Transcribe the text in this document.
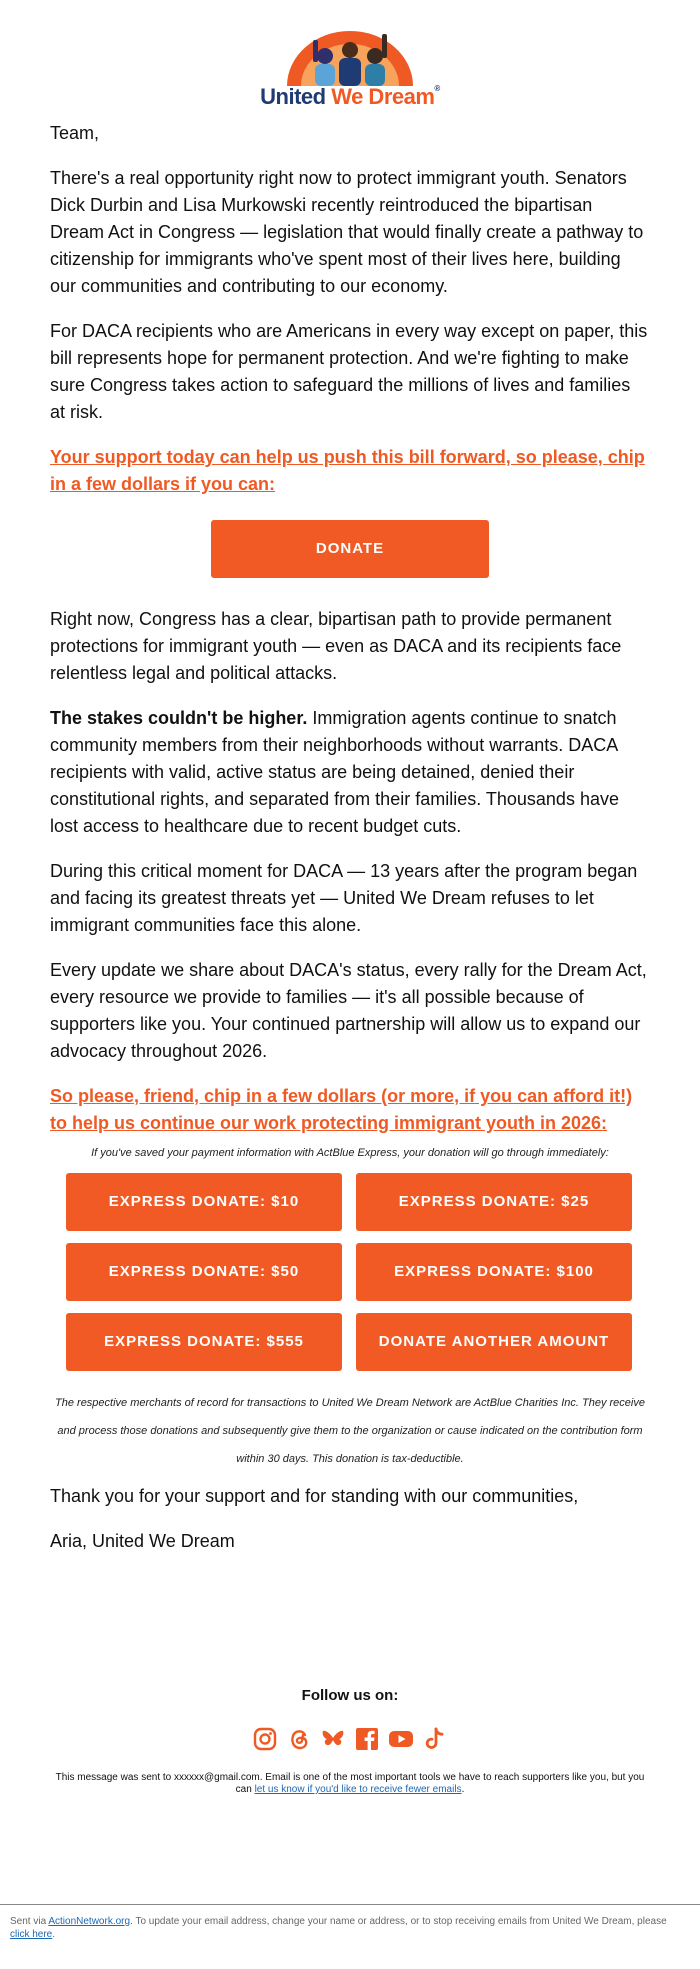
United We Dream®

Team,

There's a real opportunity right now to protect immigrant youth. Senators Dick Durbin and Lisa Murkowski recently reintroduced the bipartisan Dream Act in Congress — legislation that would finally create a pathway to citizenship for immigrants who've spent most of their lives here, building our communities and contributing to our economy.

For DACA recipients who are Americans in every way except on paper, this bill represents hope for permanent protection. And we're fighting to make sure Congress takes action to safeguard the millions of lives and families at risk.

Your support today can help us push this bill forward, so please, chip in a few dollars if you can:
DONATE

Right now, Congress has a clear, bipartisan path to provide permanent protections for immigrant youth — even as DACA and its recipients face relentless legal and political attacks.

The stakes couldn't be higher. Immigration agents continue to snatch community members from their neighborhoods without warrants. DACA recipients with valid, active status are being detained, denied their constitutional rights, and separated from their families. Thousands have lost access to healthcare due to recent budget cuts.

During this critical moment for DACA — 13 years after the program began and facing its greatest threats yet — United We Dream refuses to let immigrant communities face this alone.

Every update we share about DACA's status, every rally for the Dream Act, every resource we provide to families — it's all possible because of supporters like you. Your continued partnership will allow us to expand our advocacy throughout 2026.

So please, friend, chip in a few dollars (or more, if you can afford it!) to help us continue our work protecting immigrant youth in 2026:

If you've saved your payment information with ActBlue Express, your donation will go through immediately:

EXPRESS DONATE: $10	EXPRESS DONATE: $25
EXPRESS DONATE: $50	EXPRESS DONATE: $100
EXPRESS DONATE: $555	DONATE ANOTHER AMOUNT

The respective merchants of record for transactions to United We Dream Network are ActBlue Charities Inc. They receive and process those donations and subsequently give them to the organization or cause indicated on the contribution form within 30 days. This donation is tax-deductible.

Thank you for your support and for standing with our communities,

Aria, United We Dream

Follow us on:

This message was sent to xxxxxx@gmail.com. Email is one of the most important tools we have to reach supporters like you, but you can let us know if you'd like to receive fewer emails.

Sent via ActionNetwork.org. To update your email address, change your name or address, or to stop receiving emails from United We Dream, please click here.
